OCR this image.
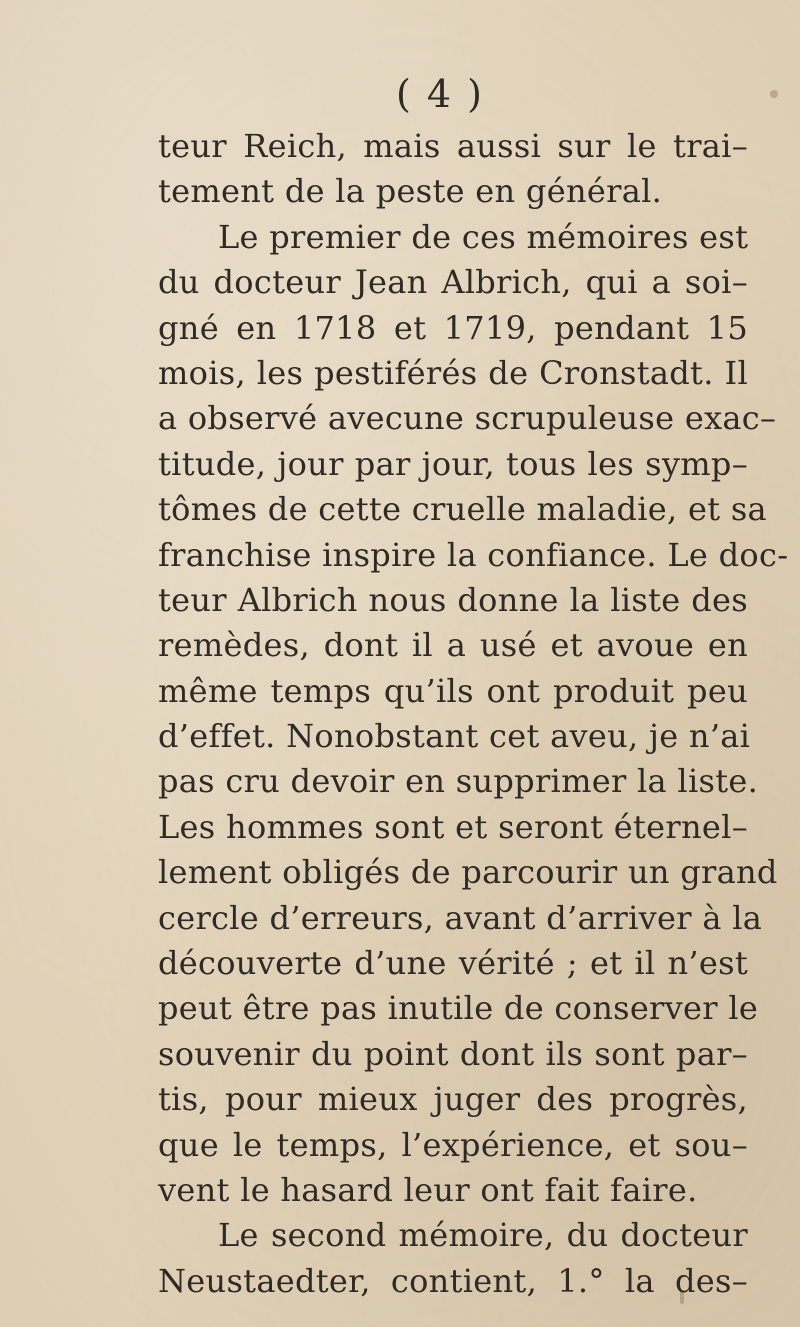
( 4 )
teur Reich, mais aussi sur le trai–
tement de la peste en général.
Le premier de ces mémoires est
du docteur Jean Albrich, qui a soi–
gné en 1718 et 1719, pendant 15
mois, les pestiférés de Cronstadt. Il
a observé avecune scrupuleuse exac–
titude, jour par jour, tous les symp–
tômes de cette cruelle maladie, et sa
franchise inspire la confiance. Le doc-
teur Albrich nous donne la liste des
remèdes, dont il a usé et avoue en
même temps qu’ils ont produit peu
d’effet. Nonobstant cet aveu, je n’ai
pas cru devoir en supprimer la liste.
Les hommes sont et seront éternel–
lement obligés de parcourir un grand
cercle d’erreurs, avant d’arriver à la
découverte d’une vérité ; et il n’est
peut être pas inutile de conserver le
souvenir du point dont ils sont par–
tis, pour mieux juger des progrès,
que le temps, l’expérience, et sou–
vent le hasard leur ont fait faire.
Le second mémoire, du docteur
Neustaedter, contient, 1.° la des–
